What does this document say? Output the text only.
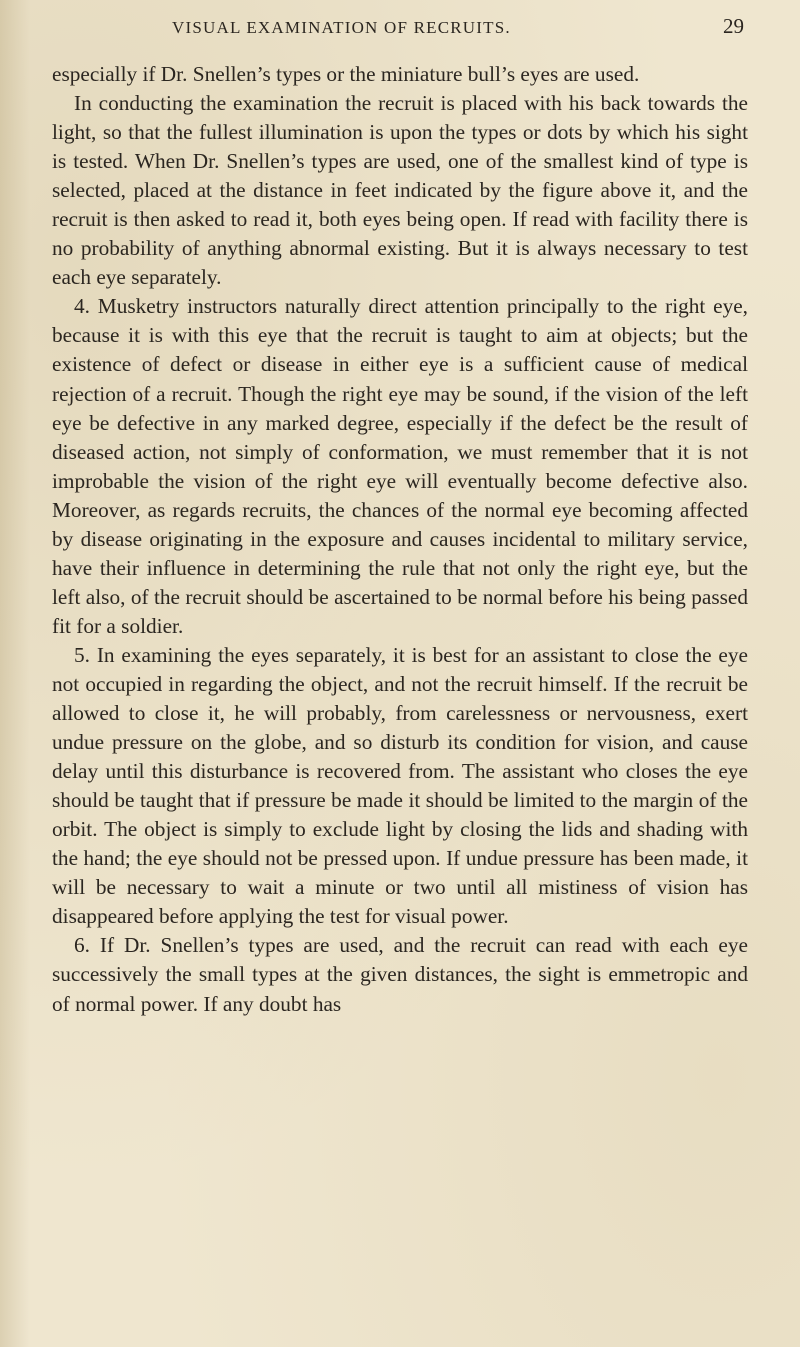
VISUAL EXAMINATION OF RECRUITS.	29

especially if Dr. Snellen’s types or the miniature bull’s eyes are used.

In conducting the examination the recruit is placed with his back towards the light, so that the fullest illumination is upon the types or dots by which his sight is tested. When Dr. Snellen’s types are used, one of the smallest kind of type is selected, placed at the distance in feet indicated by the figure above it, and the recruit is then asked to read it, both eyes being open. If read with facility there is no probability of anything abnormal existing. But it is always necessary to test each eye separately.

4. Musketry instructors naturally direct attention principally to the right eye, because it is with this eye that the recruit is taught to aim at objects; but the existence of defect or disease in either eye is a sufficient cause of medical rejection of a recruit. Though the right eye may be sound, if the vision of the left eye be defective in any marked degree, especially if the defect be the result of diseased action, not simply of conformation, we must remember that it is not improbable the vision of the right eye will eventually become defective also. Moreover, as regards recruits, the chances of the normal eye becoming affected by disease originating in the exposure and causes incidental to military service, have their influence in determining the rule that not only the right eye, but the left also, of the recruit should be ascertained to be normal before his being passed fit for a soldier.

5. In examining the eyes separately, it is best for an assistant to close the eye not occupied in regarding the object, and not the recruit himself. If the recruit be allowed to close it, he will probably, from carelessness or nervousness, exert undue pressure on the globe, and so disturb its condition for vision, and cause delay until this disturbance is recovered from. The assistant who closes the eye should be taught that if pressure be made it should be limited to the margin of the orbit. The object is simply to exclude light by closing the lids and shading with the hand; the eye should not be pressed upon. If undue pressure has been made, it will be necessary to wait a minute or two until all mistiness of vision has disappeared before applying the test for visual power.

6. If Dr. Snellen’s types are used, and the recruit can read with each eye successively the small types at the given distances, the sight is emmetropic and of normal power. If any doubt has
